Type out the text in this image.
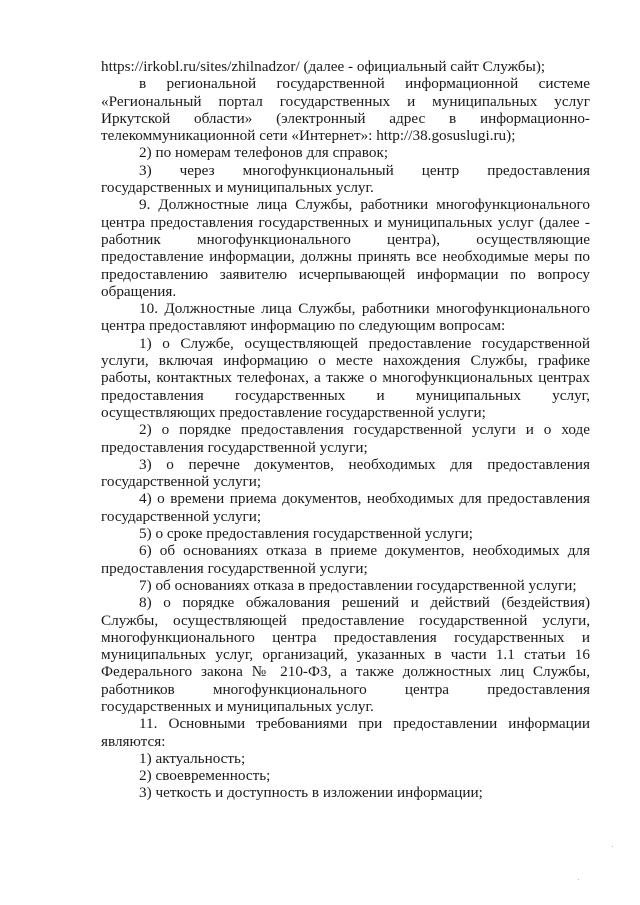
https://irkobl.ru/sites/zhilnadzor/ (далее - официальный сайт Службы);

в региональной государственной информационной системе «Региональный портал государственных и муниципальных услуг Иркутской области» (электронный адрес в информационно-телекоммуникационной сети «Интернет»: http://38.gosuslugi.ru);

2) по номерам телефонов для справок;

3) через многофункциональный центр предоставления государственных и муниципальных услуг.

9. Должностные лица Службы, работники многофункционального центра предоставления государственных и муниципальных услуг (далее - работник многофункционального центра), осуществляющие предоставление информации, должны принять все необходимые меры по предоставлению заявителю исчерпывающей информации по вопросу обращения.

10. Должностные лица Службы, работники многофункционального центра предоставляют информацию по следующим вопросам:

1) о Службе, осуществляющей предоставление государственной услуги, включая информацию о месте нахождения Службы, графике работы, контактных телефонах, а также о многофункциональных центрах предоставления государственных и муниципальных услуг, осуществляющих предоставление государственной услуги;

2) о порядке предоставления государственной услуги и о ходе предоставления государственной услуги;

3) о перечне документов, необходимых для предоставления государственной услуги;

4) о времени приема документов, необходимых для предоставления государственной услуги;

5) о сроке предоставления государственной услуги;

6) об основаниях отказа в приеме документов, необходимых для предоставления государственной услуги;

7) об основаниях отказа в предоставлении государственной услуги;

8) о порядке обжалования решений и действий (бездействия) Службы, осуществляющей предоставление государственной услуги, многофункционального центра предоставления государственных и муниципальных услуг, организаций, указанных в части 1.1 статьи 16 Федерального закона № 210-ФЗ, а также должностных лиц Службы, работников многофункционального центра предоставления государственных и муниципальных услуг.

11. Основными требованиями при предоставлении информации являются:

1) актуальность;

2) своевременность;

3) четкость и доступность в изложении информации;
